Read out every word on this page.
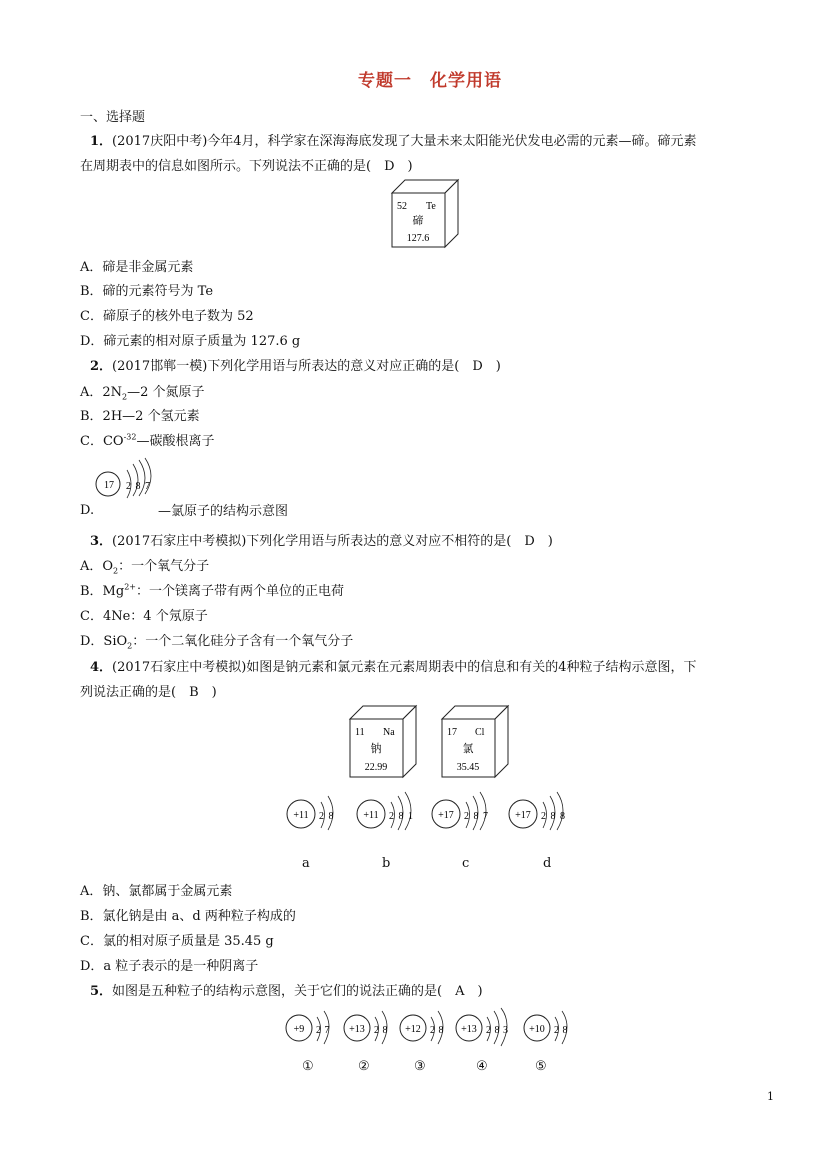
专题一　化学用语
一、选择题
1．(2017庆阳中考)今年4月，科学家在深海海底发现了大量未来太阳能光伏发电必需的元素—碲。碲元素
在周期表中的信息如图所示。下列说法不正确的是(　D　)
52 Te
碲
127.6
A．碲是非金属元素
B．碲的元素符号为 Te
C．碲原子的核外电子数为 52
D．碲元素的相对原子质量为 127.6 g
2．(2017邯郸一模)下列化学用语与所表达的意义对应正确的是(　D　)
A．$2N_2—2$ 个氮原子
B．2H—2 个氢元素
C．$CO^{-32}—$碳酸根离子
17 2 8 7
D.	—氯原子的结构示意图
3．(2017石家庄中考模拟)下列化学用语与所表达的意义对应不相符的是(　D　)
A．$O_2$：一个氧气分子
B．$Mg^{2+}$：一个镁离子带有两个单位的正电荷
C．4Ne：4 个氖原子
D．SiO$_2$：一个二氧化硅分子含有一个氧气分子
4．(2017石家庄中考模拟)如图是钠元素和氯元素在元素周期表中的信息和有关的4种粒子结构示意图，下
列说法正确的是(　B　)
11 Na
钠
22.99
17 Cl
氯
35.45
+11 2 8	+11 2 8 1	+17 2 8 7	+17 2 8 8
a	b	c	d
A．钠、氯都属于金属元素
B．氯化钠是由 a、d 两种粒子构成的
C．氯的相对原子质量是 35.45 g
D．a 粒子表示的是一种阴离子
5．如图是五种粒子的结构示意图，关于它们的说法正确的是(　A　)
+9 2 7 +13 2 8 +12 2 8 +13 2 8 3 +10 2 8
①	②	③	④	⑤
1
